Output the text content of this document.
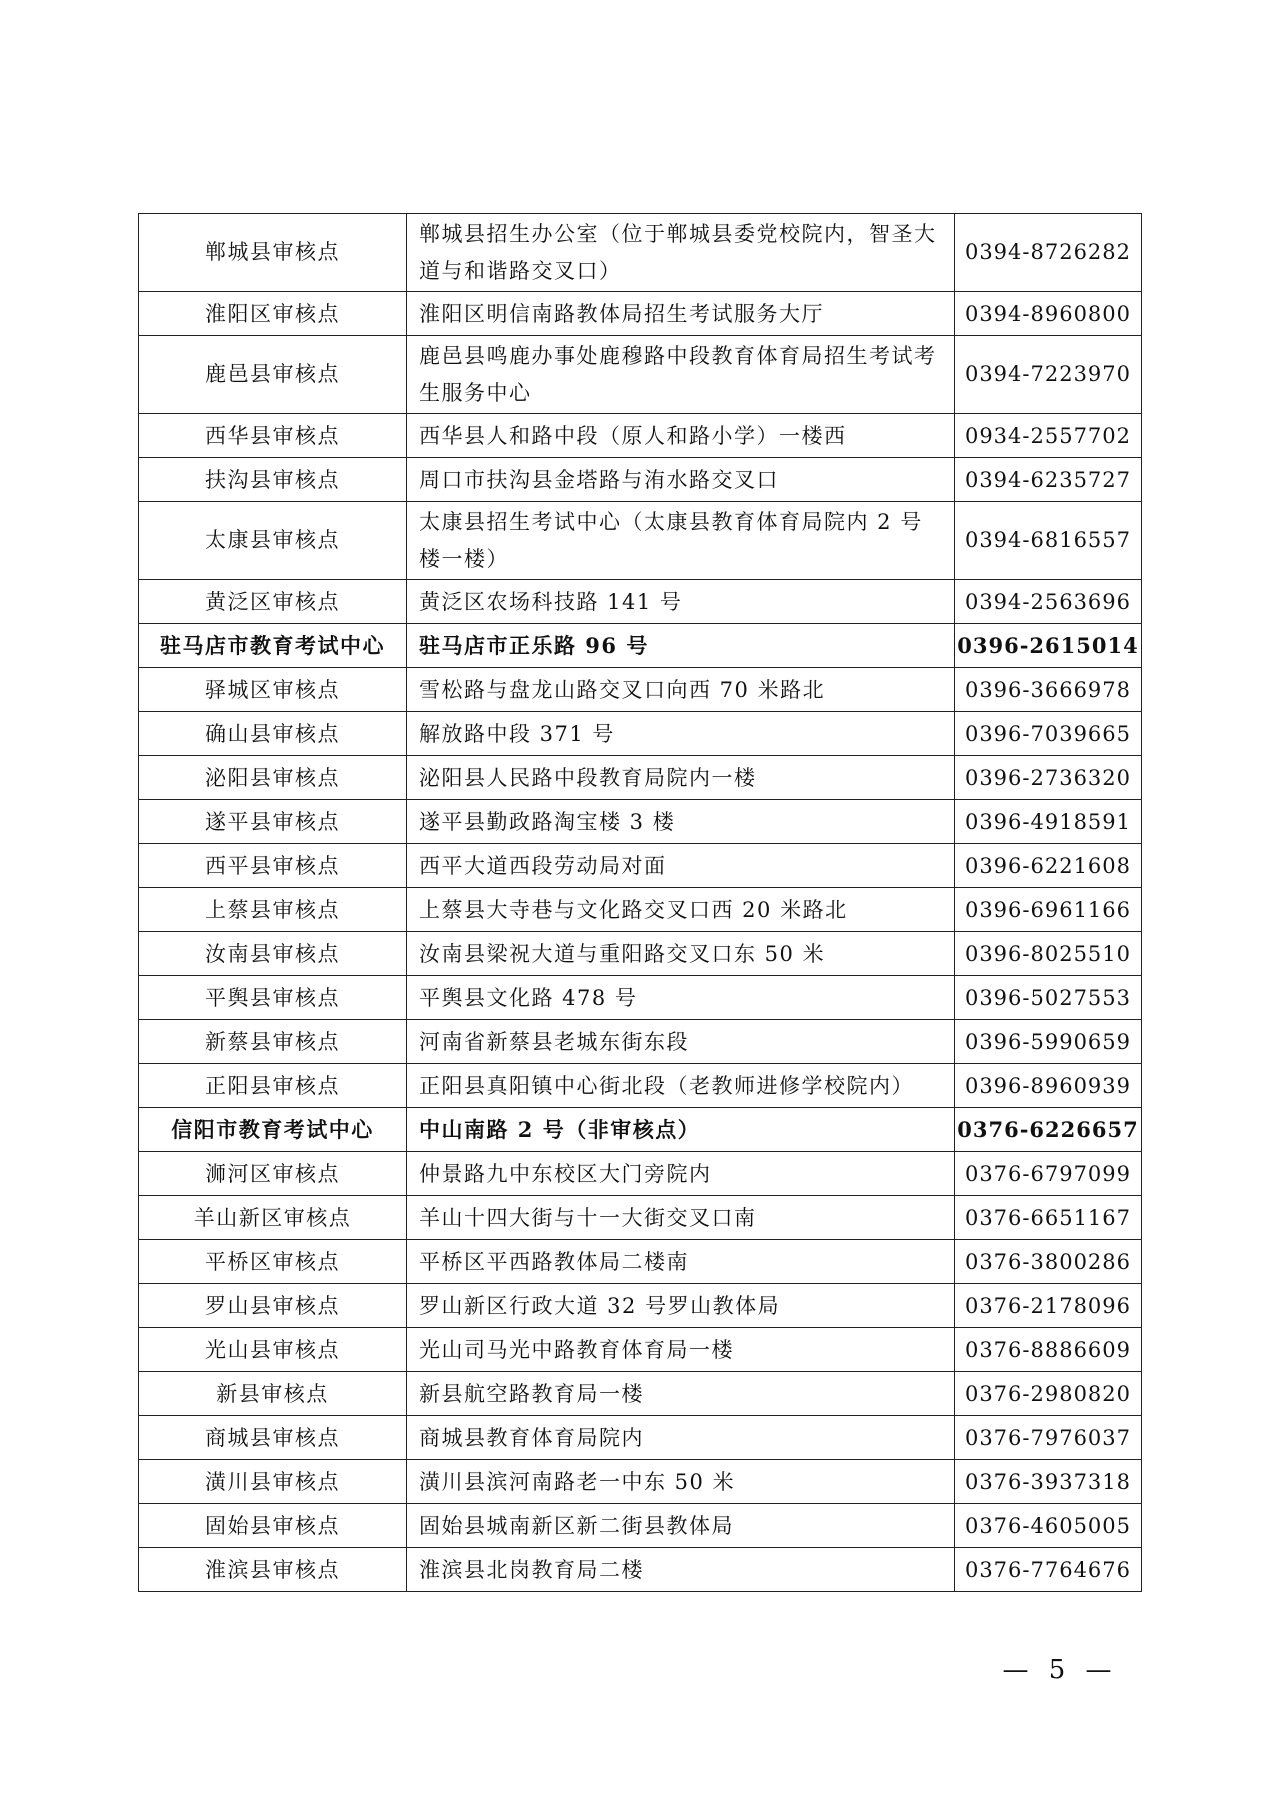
郸城县审核点	郸城县招生办公室（位于郸城县委党校院内，智圣大道与和谐路交叉口）	0394-8726282
淮阳区审核点	淮阳区明信南路教体局招生考试服务大厅	0394-8960800
鹿邑县审核点	鹿邑县鸣鹿办事处鹿穆路中段教育体育局招生考试考生服务中心	0394-7223970
西华县审核点	西华县人和路中段（原人和路小学）一楼西	0934-2557702
扶沟县审核点	周口市扶沟县金塔路与洧水路交叉口	0394-6235727
太康县审核点	太康县招生考试中心（太康县教育体育局院内 2 号楼一楼）	0394-6816557
黄泛区审核点	黄泛区农场科技路 141 号	0394-2563696
驻马店市教育考试中心	驻马店市正乐路 96 号	0396-2615014
驿城区审核点	雪松路与盘龙山路交叉口向西 70 米路北	0396-3666978
确山县审核点	解放路中段 371 号	0396-7039665
泌阳县审核点	泌阳县人民路中段教育局院内一楼	0396-2736320
遂平县审核点	遂平县勤政路淘宝楼 3 楼	0396-4918591
西平县审核点	西平大道西段劳动局对面	0396-6221608
上蔡县审核点	上蔡县大寺巷与文化路交叉口西 20 米路北	0396-6961166
汝南县审核点	汝南县梁祝大道与重阳路交叉口东 50 米	0396-8025510
平舆县审核点	平舆县文化路 478 号	0396-5027553
新蔡县审核点	河南省新蔡县老城东街东段	0396-5990659
正阳县审核点	正阳县真阳镇中心街北段（老教师进修学校院内）	0396-8960939
信阳市教育考试中心	中山南路 2 号（非审核点）	0376-6226657
浉河区审核点	仲景路九中东校区大门旁院内	0376-6797099
羊山新区审核点	羊山十四大街与十一大街交叉口南	0376-6651167
平桥区审核点	平桥区平西路教体局二楼南	0376-3800286
罗山县审核点	罗山新区行政大道 32 号罗山教体局	0376-2178096
光山县审核点	光山司马光中路教育体育局一楼	0376-8886609
新县审核点	新县航空路教育局一楼	0376-2980820
商城县审核点	商城县教育体育局院内	0376-7976037
潢川县审核点	潢川县滨河南路老一中东 50 米	0376-3937318
固始县审核点	固始县城南新区新二街县教体局	0376-4605005
淮滨县审核点	淮滨县北岗教育局二楼	0376-7764676
— 5 —
